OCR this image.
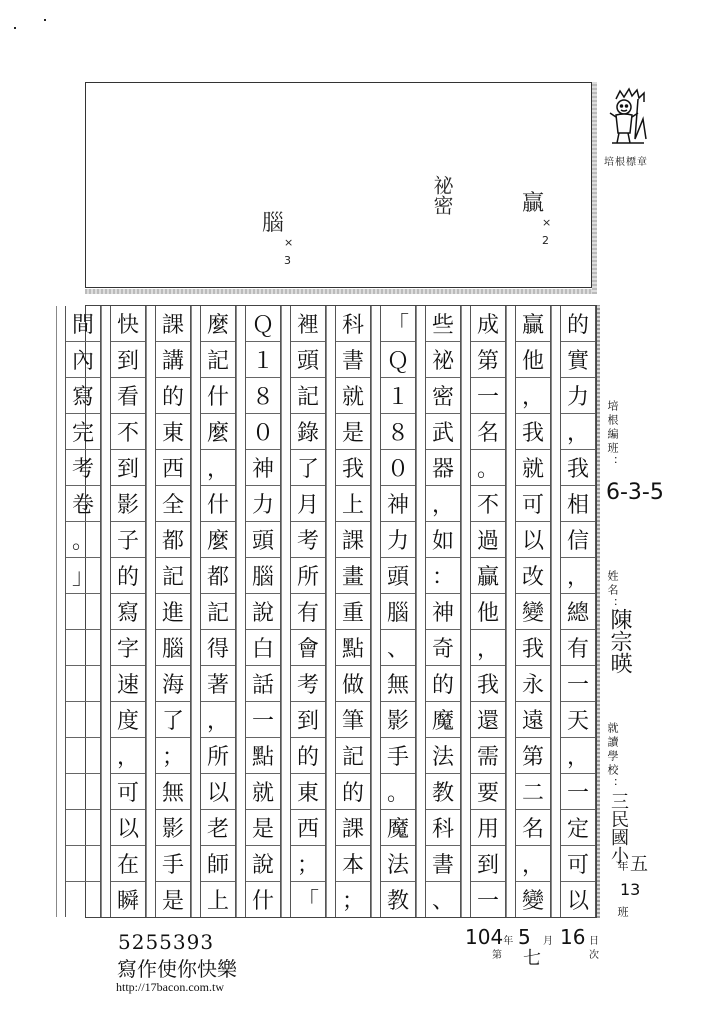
腦
×3
祕密	贏
×2
培根標章
的
實
力
，
我
相
信
，
總
有
一
天
，
一
定
可
以
贏
他
，
我
就
可
以
改
變
我
永
遠
第
二
名
，
變
成
第
一
名
。
不
過
贏
他
，
我
還
需
要
用
到
一
些
祕
密
武
器
，
如
：
神
奇
的
魔
法
教
科
書
、
「
Ｑ
１
８
０
神
力
頭
腦
、
無
影
手
。
魔
法
教
科
書
就
是
我
上
課
畫
重
點
做
筆
記
的
課
本
；
裡
頭
記
錄
了
月
考
所
有
會
考
到
的
東
西
；
「
Ｑ
１
８
０
神
力
頭
腦
說
白
話
一
點
就
是
說
什
麼
記
什
麼
，
什
麼
都
記
得
著
，
所
以
老
師
上
課
講
的
東
西
全
都
記
進
腦
海
了
；
無
影
手
是
快
到
看
不
到
影
子
的
寫
字
速
度
，
可
以
在
瞬
間
內
寫
完
考
卷
。
」
培根編班：
6-3-5
姓名：
陳宗暎
就讀學校：
三民國小
五
年
13
班
5255393
寫作使你快樂
http://17bacon.com.tw
104年
第
5
七
月 16 日
次
